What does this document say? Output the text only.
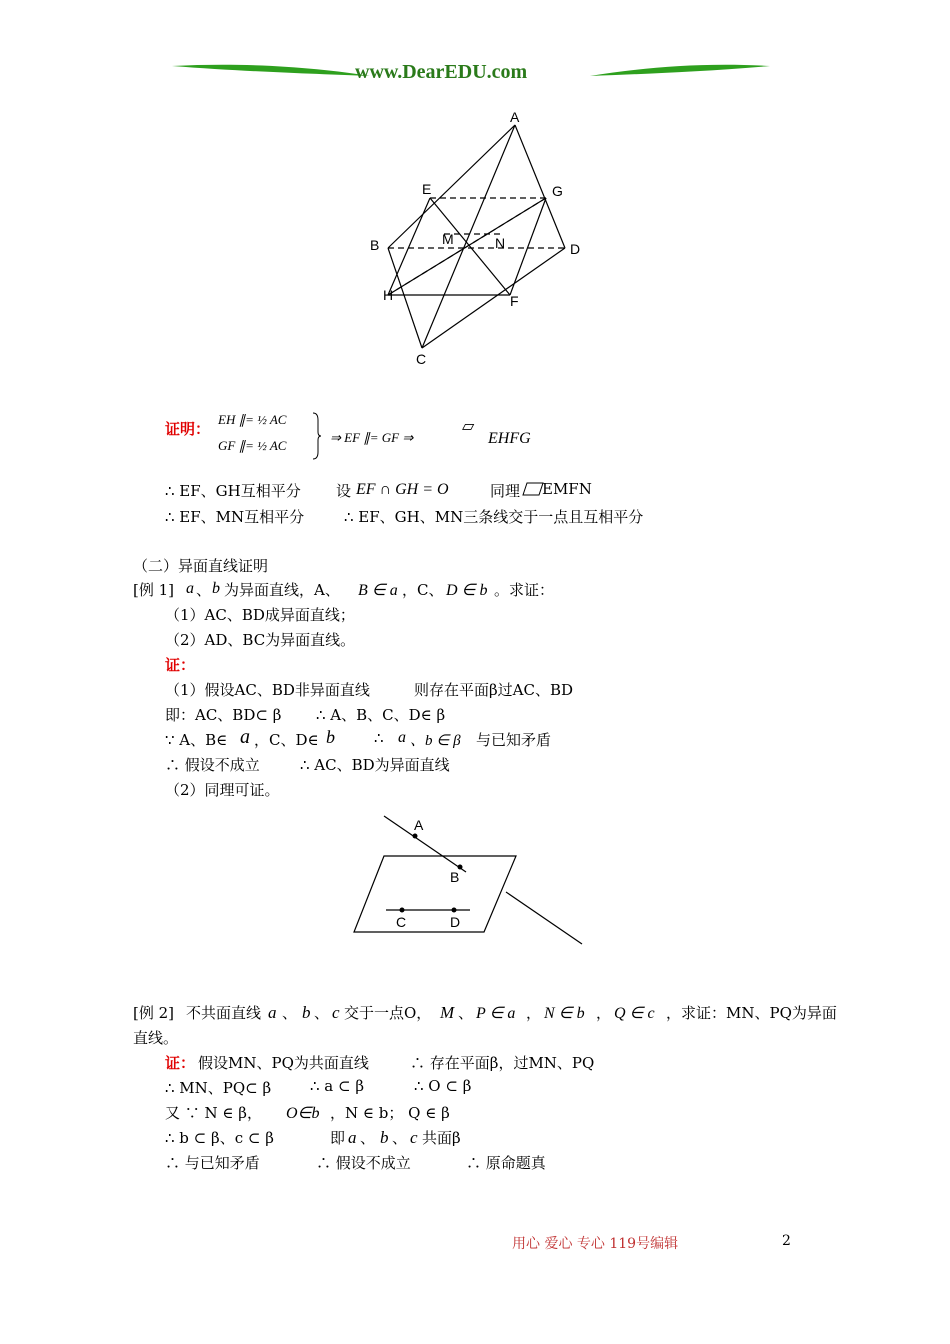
www.DearEDU.com
A
E	G
B	M	N	D
H	F
C
证明：
EH ∥= ½ AC
GF ∥= ½ AC
⇒ EF ∥= GF ⇒
▱
EHFG
∴ EF、GH互相平分 设 EF ∩ GH = O	同理 EMFN
∴ EF、MN互相平分	∴ EF、GH、MN三条线交于一点且互相平分
（二）异面直线证明
[例 1] a 、 b 为异面直线，A、 B ∈ a ，C、 D ∈ b 。求证：
（1）AC、BD成异面直线；
（2）AD、BC为异面直线。
证：
（1）假设AC、BD非异面直线	则存在平面β过AC、BD
即：AC、BD⊂ β ∴ A、B、C、D∈ β
∵ A、B∈ a ，C、D∈ b	∴ a 、b ∈ β 与已知矛盾
∴ 假设不成立	∴ AC、BD为异面直线
（2）同理可证。
A
B
C	D
[例 2] 不共面直线 a 、 b 、 c 交于一点O， M 、 P ∈ a ， N ∈ b ， Q ∈ c ，求证：MN、PQ为异面
直线。
证： 假设MN、PQ为共面直线	∴ 存在平面β，过MN、PQ
∴ MN、PQ⊂ β	∴ a ⊂ β	∴ O ⊂ β
又 ∵ N ∈ β， O∈b ，N ∈ b； Q ∈ β
∴ b ⊂ β、c ⊂ β	即 a 、 b 、 c 共面β
∴ 与已知矛盾	∴ 假设不成立	∴ 原命题真
用心 爱心 专心 119号编辑	2
